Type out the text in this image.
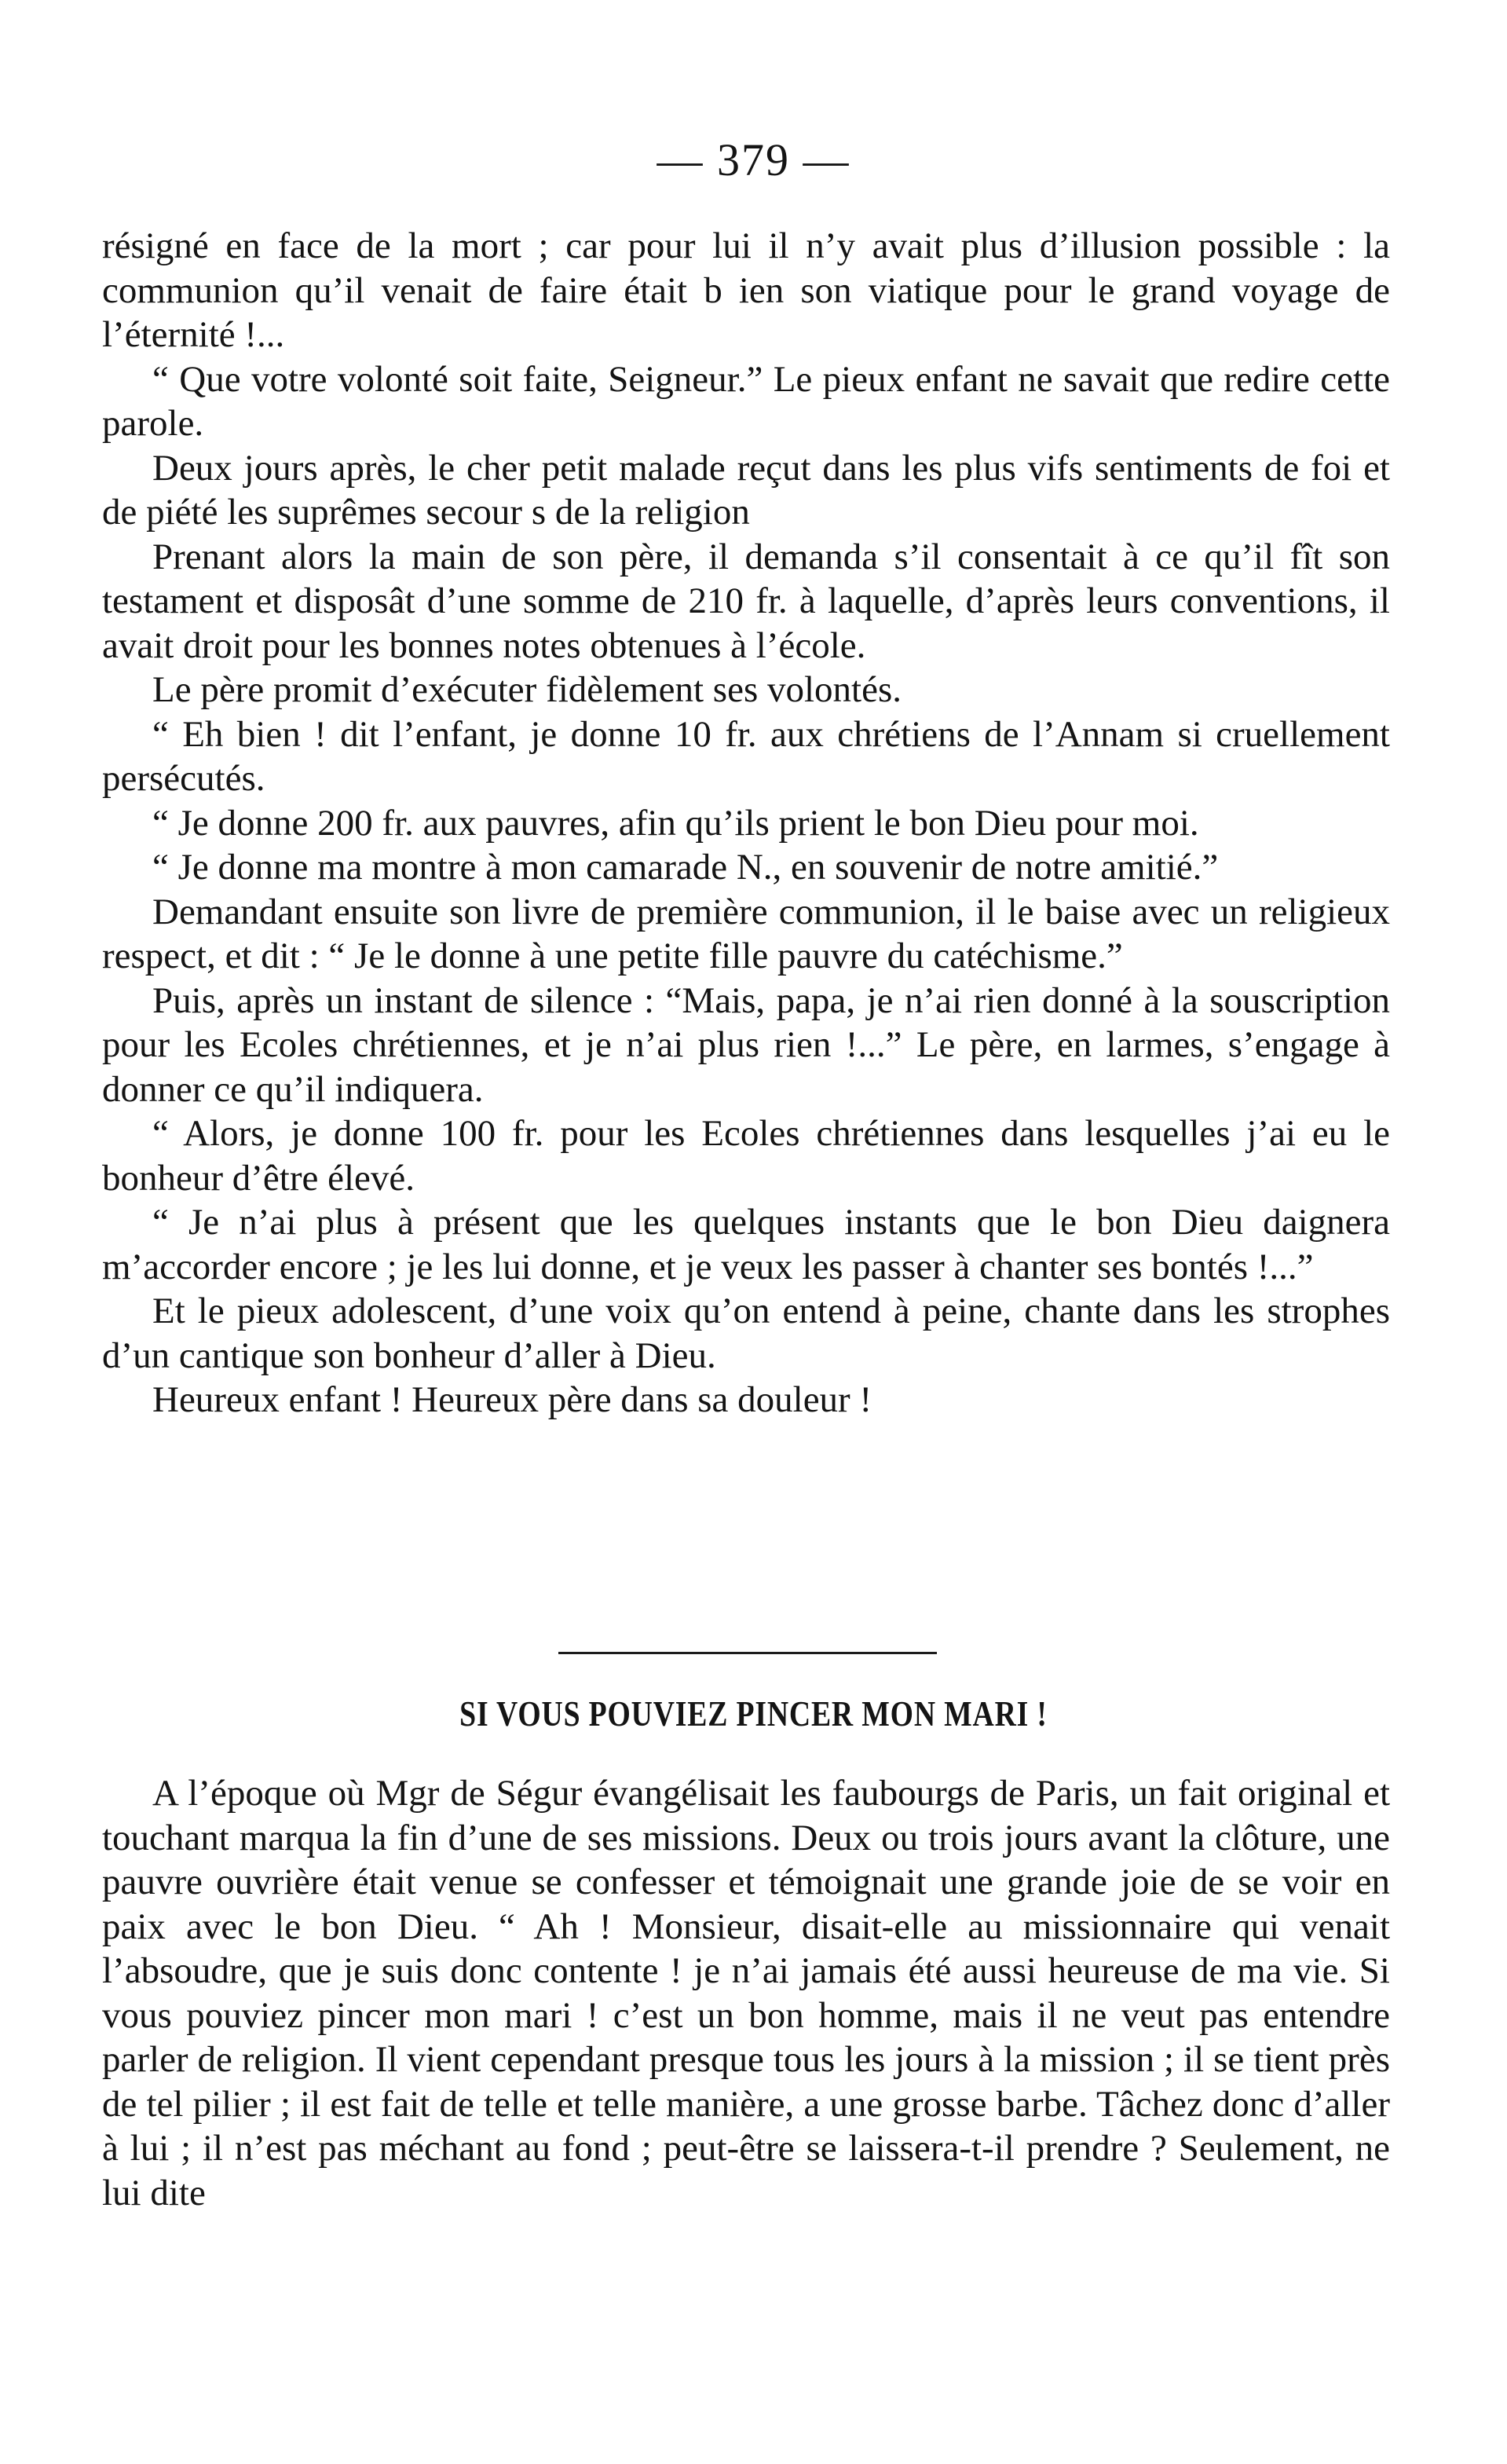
— 379 —

résigné en face de la mort ; car pour lui il n’y avait plus d’illusion possible : la communion qu’il venait de faire était b ien son viatique pour le grand voyage de l’éternité !...

“ Que votre volonté soit faite, Seigneur.” Le pieux enfant ne savait que redire cette parole.

Deux jours après, le cher petit malade reçut dans les plus vifs sentiments de foi et de piété les suprêmes secour s de la religion

Prenant alors la main de son père, il demanda s’il consentait à ce qu’il fît son testament et disposât d’une somme de 210 fr. à laquelle, d’après leurs conventions, il avait droit pour les bonnes notes obtenues à l’école.

Le père promit d’exécuter fidèlement ses volontés.

“ Eh bien ! dit l’enfant, je donne 10 fr. aux chrétiens de l’Annam si cruellement persécutés.

“ Je donne 200 fr. aux pauvres, afin qu’ils prient le bon Dieu pour moi.

“ Je donne ma montre à mon camarade N., en souvenir de notre amitié.”

Demandant ensuite son livre de première communion, il le baise avec un religieux respect, et dit : “ Je le donne à une petite fille pauvre du catéchisme.”

Puis, après un instant de silence : “Mais, papa, je n’ai rien donné à la souscription pour les Ecoles chrétiennes, et je n’ai plus rien !...” Le père, en larmes, s’engage à donner ce qu’il indiquera.

“ Alors, je donne 100 fr. pour les Ecoles chrétiennes dans lesquelles j’ai eu le bonheur d’être élevé.

“ Je n’ai plus à présent que les quelques instants que le bon Dieu daignera m’accorder encore ; je les lui donne, et je veux les passer à chanter ses bontés !...”

Et le pieux adolescent, d’une voix qu’on entend à peine, chante dans les strophes d’un cantique son bonheur d’aller à Dieu.

Heureux enfant ! Heureux père dans sa douleur !

SI VOUS POUVIEZ PINCER MON MARI !

A l’époque où Mgr de Ségur évangélisait les faubourgs de Paris, un fait original et touchant marqua la fin d’une de ses missions. Deux ou trois jours avant la clôture, une pauvre ouvrière était venue se confesser et témoignait une grande joie de se voir en paix avec le bon Dieu. “ Ah ! Monsieur, disait-elle au missionnaire qui venait l’absoudre, que je suis donc contente ! je n’ai jamais été aussi heureuse de ma vie. Si vous pouviez pincer mon mari ! c’est un bon homme, mais il ne veut pas entendre parler de religion. Il vient cependant presque tous les jours à la mission ; il se tient près de tel pilier ; il est fait de telle et telle manière, a une grosse barbe. Tâchez donc d’aller à lui ; il n’est pas méchant au fond ; peut-être se laissera-t-il prendre ? Seulement, ne lui dite
